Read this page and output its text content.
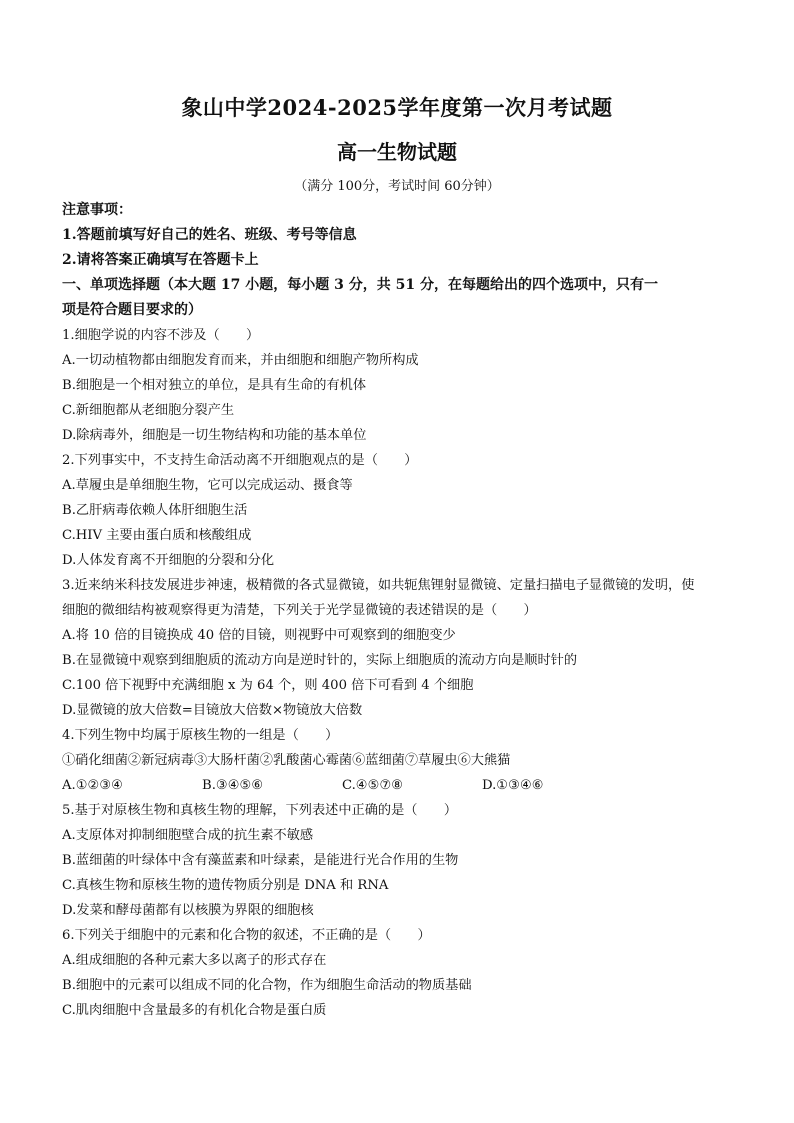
象山中学2024-2025学年度第一次月考试题
高一生物试题
（满分 100分，考试时间 60分钟）
注意事项：
1.答题前填写好自己的姓名、班级、考号等信息
2.请将答案正确填写在答题卡上
一、单项选择题（本大题 17 小题，每小题 3 分，共 51 分，在每题给出的四个选项中，只有一
项是符合题目要求的）
1.细胞学说的内容不涉及（　　）
A.一切动植物都由细胞发育而来，并由细胞和细胞产物所构成
B.细胞是一个相对独立的单位，是具有生命的有机体
C.新细胞都从老细胞分裂产生
D.除病毒外，细胞是一切生物结构和功能的基本单位
2.下列事实中，不支持生命活动离不开细胞观点的是（　　）
A.草履虫是单细胞生物，它可以完成运动、摄食等
B.乙肝病毒依赖人体肝细胞生活
C.HIV 主要由蛋白质和核酸组成
D.人体发育离不开细胞的分裂和分化
3.近来纳米科技发展进步神速，极精微的各式显微镜，如共轭焦锂射显微镜、定量扫描电子显微镜的发明，使
细胞的微细结构被观察得更为清楚，下列关于光学显微镜的表述错误的是（　　）
A.将 10 倍的目镜换成 40 倍的目镜，则视野中可观察到的细胞变少
B.在显微镜中观察到细胞质的流动方向是逆时针的，实际上细胞质的流动方向是顺时针的
C.100 倍下视野中充满细胞 x 为 64 个，则 400 倍下可看到 4 个细胞
D.显微镜的放大倍数=目镜放大倍数×物镜放大倍数
4.下列生物中均属于原核生物的一组是（　　）
①硝化细菌②新冠病毒③大肠杆菌②乳酸菌心霉菌⑥蓝细菌⑦草履虫⑥大熊猫
A.①②③④	B.③④⑤⑥	C.④⑤⑦⑧	D.①③④⑥
5.基于对原核生物和真核生物的理解，下列表述中正确的是（　　）
A.支原体对抑制细胞壁合成的抗生素不敏感
B.蓝细菌的叶绿体中含有藻蓝素和叶绿素，是能进行光合作用的生物
C.真核生物和原核生物的遗传物质分别是 DNA 和 RNA
D.发菜和酵母菌都有以核膜为界限的细胞核
6.下列关于细胞中的元素和化合物的叙述，不正确的是（　　）
A.组成细胞的各种元素大多以离子的形式存在
B.细胞中的元素可以组成不同的化合物，作为细胞生命活动的物质基础
C.肌肉细胞中含量最多的有机化合物是蛋白质
